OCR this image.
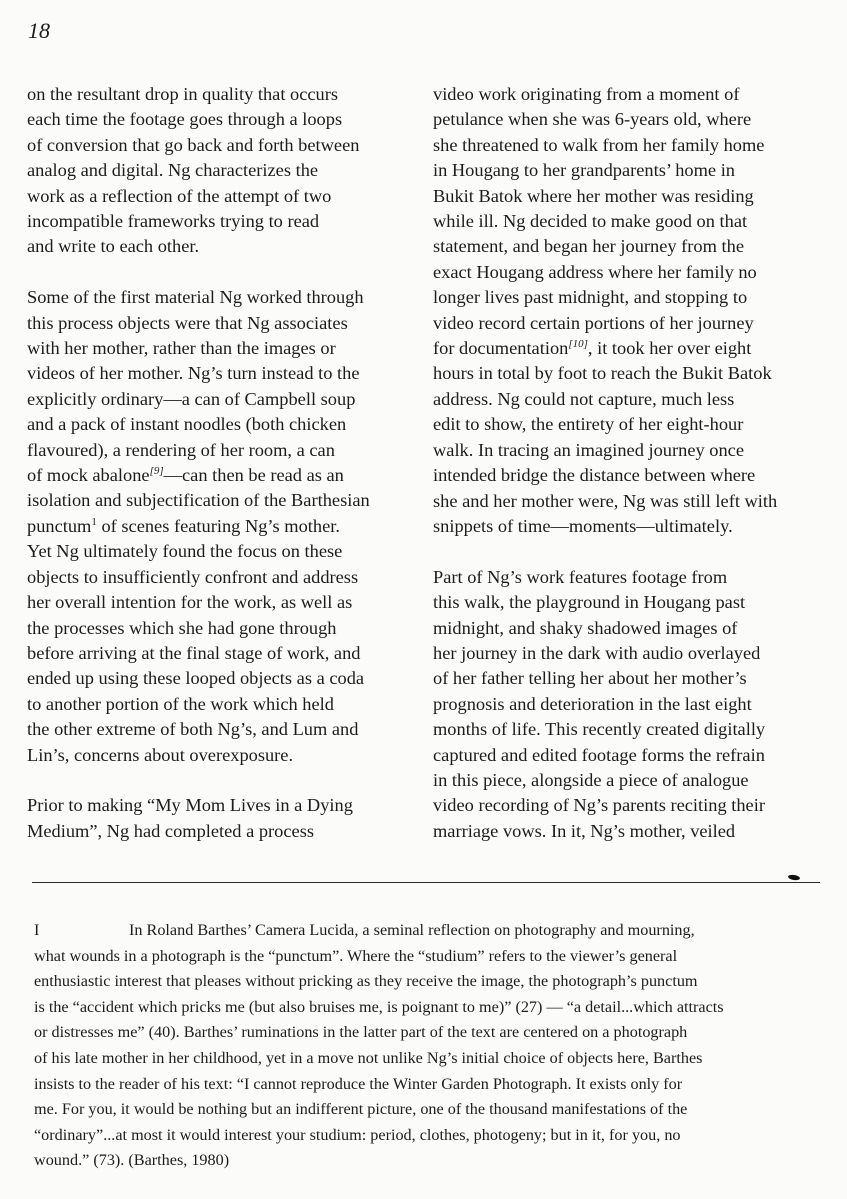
18
on the resultant drop in quality that occurs
each time the footage goes through a loops
of conversion that go back and forth between
analog and digital. Ng characterizes the
work as a reflection of the attempt of two
incompatible frameworks trying to read
and write to each other.
Some of the first material Ng worked through
this process objects were that Ng associates
with her mother, rather than the images or
videos of her mother. Ng’s turn instead to the
explicitly ordinary—a can of Campbell soup
and a pack of instant noodles (both chicken
flavoured), a rendering of her room, a can
of mock abalone[9]—can then be read as an
isolation and subjectification of the Barthesian
punctum$^1$ of scenes featuring Ng’s mother.
Yet Ng ultimately found the focus on these
objects to insufficiently confront and address
her overall intention for the work, as well as
the processes which she had gone through
before arriving at the final stage of work, and
ended up using these looped objects as a coda
to another portion of the work which held
the other extreme of both Ng’s, and Lum and
Lin’s, concerns about overexposure.
Prior to making “My Mom Lives in a Dying
Medium”, Ng had completed a process
video work originating from a moment of
petulance when she was 6-years old, where
she threatened to walk from her family home
in Hougang to her grandparents’ home in
Bukit Batok where her mother was residing
while ill. Ng decided to make good on that
statement, and began her journey from the
exact Hougang address where her family no
longer lives past midnight, and stopping to
video record certain portions of her journey
for documentation[10], it took her over eight
hours in total by foot to reach the Bukit Batok
address. Ng could not capture, much less
edit to show, the entirety of her eight-hour
walk. In tracing an imagined journey once
intended bridge the distance between where
she and her mother were, Ng was still left with
snippets of time—moments—ultimately.
Part of Ng’s work features footage from
this walk, the playground in Hougang past
midnight, and shaky shadowed images of
her journey in the dark with audio overlayed
of her father telling her about her mother’s
prognosis and deterioration in the last eight
months of life. This recently created digitally
captured and edited footage forms the refrain
in this piece, alongside a piece of analogue
video recording of Ng’s parents reciting their
marriage vows. In it, Ng’s mother, veiled
I	In Roland Barthes’ Camera Lucida, a seminal reflection on photography and mourning,
what wounds in a photograph is the “punctum”. Where the “studium” refers to the viewer’s general
enthusiastic interest that pleases without pricking as they receive the image, the photograph’s punctum
is the “accident which pricks me (but also bruises me, is poignant to me)” (27) — “a detail...which attracts
or distresses me” (40). Barthes’ ruminations in the latter part of the text are centered on a photograph
of his late mother in her childhood, yet in a move not unlike Ng’s initial choice of objects here, Barthes
insists to the reader of his text: “I cannot reproduce the Winter Garden Photograph. It exists only for
me. For you, it would be nothing but an indifferent picture, one of the thousand manifestations of the
“ordinary”...at most it would interest your studium: period, clothes, photogeny; but in it, for you, no
wound.” (73). (Barthes, 1980)
